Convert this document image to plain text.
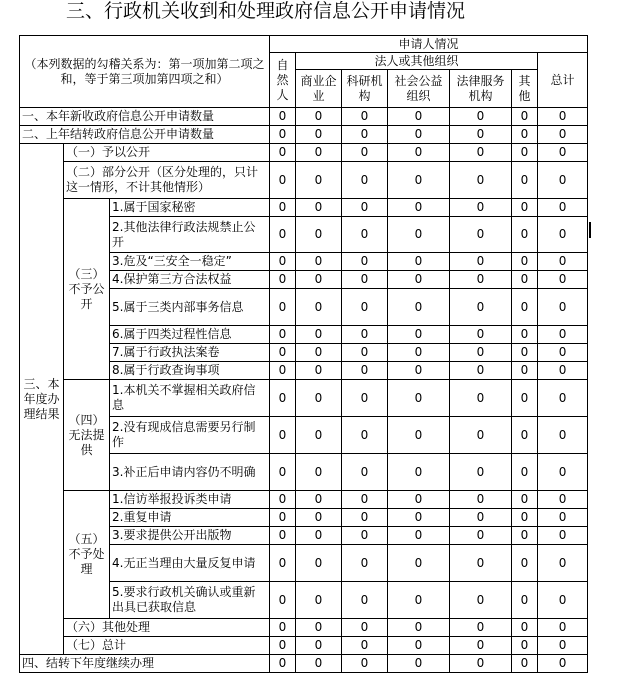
三、行政机关收到和处理政府信息公开申请情况
（本列数据的勾稽关系为：第一项加第二项之和，等于第三项加第四项之和）			申请人情况						
			自然人	法人或其他组织					总计
				商业企业	科研机构	社会公益组织	法律服务机构	其他	
一、本年新收政府信息公开申请数量			0	0	0	0	0	0	0
二、上年结转政府信息公开申请数量			0	0	0	0	0	0	0
三、本年度办理结果	（一）予以公开		0	0	0	0	0	0	0
	（二）部分公开（区分处理的，只计这一情形，不计其他情形）		0	0	0	0	0	0	0
	（三）不予公开	1.属于国家秘密	0	0	0	0	0	0	0
		2.其他法律行政法规禁止公开	0	0	0	0	0	0	0
		3.危及“三安全一稳定”	0	0	0	0	0	0	0
		4.保护第三方合法权益	0	0	0	0	0	0	0
		5.属于三类内部事务信息	0	0	0	0	0	0	0
		6.属于四类过程性信息	0	0	0	0	0	0	0
		7.属于行政执法案卷	0	0	0	0	0	0	0
		8.属于行政查询事项	0	0	0	0	0	0	0
	（四）无法提供	1.本机关不掌握相关政府信息	0	0	0	0	0	0	0
		2.没有现成信息需要另行制作	0	0	0	0	0	0	0
		3.补正后申请内容仍不明确	0	0	0	0	0	0	0
	（五）不予处理	1.信访举报投诉类申请	0	0	0	0	0	0	0
		2.重复申请	0	0	0	0	0	0	0
		3.要求提供公开出版物	0	0	0	0	0	0	0
		4.无正当理由大量反复申请	0	0	0	0	0	0	0
		5.要求行政机关确认或重新出具已获取信息	0	0	0	0	0	0	0
	（六）其他处理		0	0	0	0	0	0	0
	（七）总计		0	0	0	0	0	0	0
四、结转下年度继续办理			0	0	0	0	0	0	0
